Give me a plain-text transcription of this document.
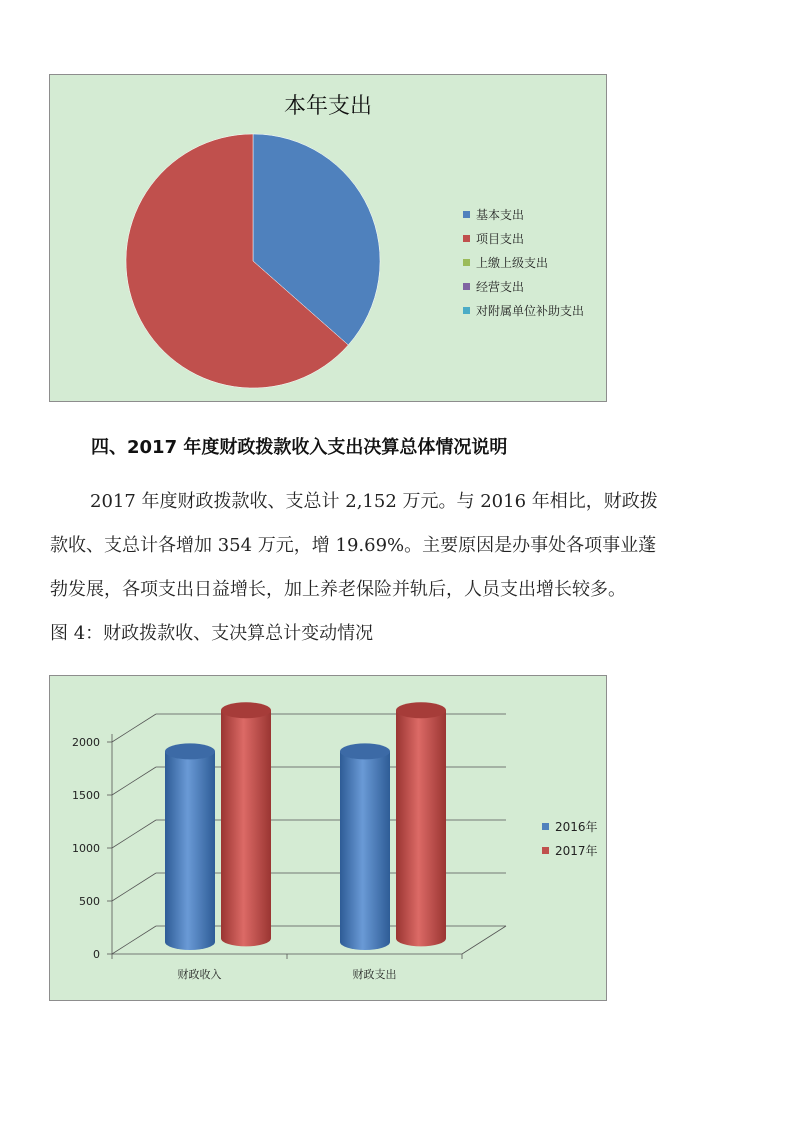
本年支出
基本支出
项目支出
上缴上级支出
经营支出
对附属单位补助支出
四、2017 年度财政拨款收入支出决算总体情况说明
2017 年度财政拨款收、支总计 2,152 万元。与 2016 年相比，财政拨
款收、支总计各增加 354 万元，增 19.69%。主要原因是办事处各项事业蓬
勃发展，各项支出日益增长，加上养老保险并轨后，人员支出增长较多。
图 4：财政拨款收、支决算总计变动情况
0
500
1000
1500
2000
财政收入	财政支出
2016年
2017年
